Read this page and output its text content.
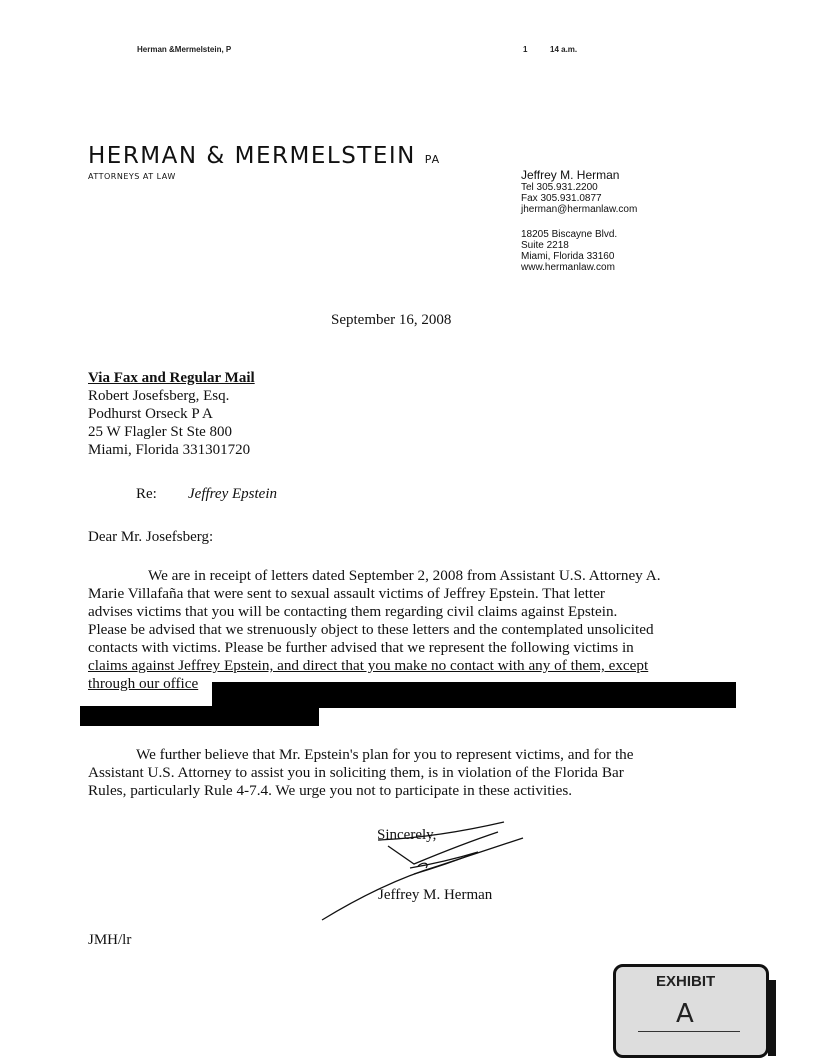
Herman &Mermelstein, P	1	14 a.m.
HERMAN & MERMELSTEIN PA
ATTORNEYS AT LAW	Jeffrey M. Herman
Tel 305.931.2200
Fax 305.931.0877
jherman@hermanlaw.com
18205 Biscayne Blvd.
Suite 2218
Miami, Florida 33160
www.hermanlaw.com
September 16, 2008
Via Fax and Regular Mail
Robert Josefsberg, Esq.
Podhurst Orseck P A
25 W Flagler St Ste 800
Miami, Florida 331301720
Re: Jeffrey Epstein
Dear Mr. Josefsberg:
We are in receipt of letters dated September 2, 2008 from Assistant U.S. Attorney A.
Marie Villafaña that were sent to sexual assault victims of Jeffrey Epstein. That letter
advises victims that you will be contacting them regarding civil claims against Epstein.
Please be advised that we strenuously object to these letters and the contemplated unsolicited
contacts with victims. Please be further advised that we represent the following victims in
claims against Jeffrey Epstein, and direct that you make no contact with any of them, except
through our office
We further believe that Mr. Epstein's plan for you to represent victims, and for the
Assistant U.S. Attorney to assist you in soliciting them, is in violation of the Florida Bar
Rules, particularly Rule 4-7.4. We urge you not to participate in these activities.
Sincerely,
Jeffrey M. Herman
JMH/lr
EXHIBIT
A
